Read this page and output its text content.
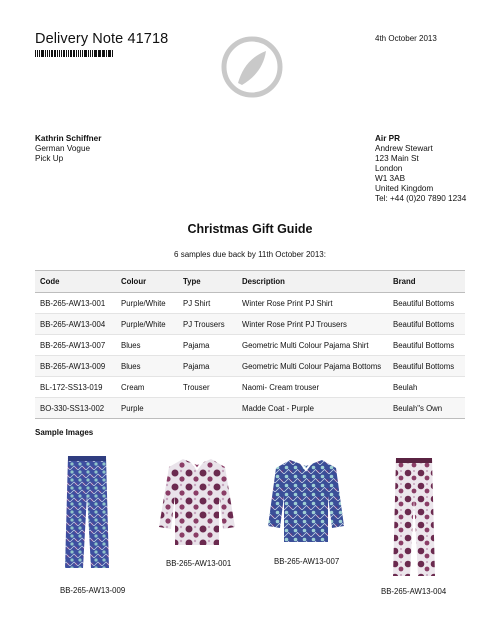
Delivery Note 41718	4th October 2013
Kathrin Schiffner
German Vogue
Pick Up
Air PR
Andrew Stewart
123 Main St
London
W1 3AB
United Kingdom
Tel: +44 (0)20 7890 1234
Christmas Gift Guide
6 samples due back by 11th October 2013:
Code	Colour	Type	Description	Brand
BB-265-AW13-001	Purple/White	PJ Shirt	Winter Rose Print PJ Shirt	Beautiful Bottoms
BB-265-AW13-004	Purple/White	PJ Trousers	Winter Rose Print PJ Trousers	Beautiful Bottoms
BB-265-AW13-007	Blues	Pajama	Geometric Multi Colour Pajama Shirt	Beautiful Bottoms
BB-265-AW13-009	Blues	Pajama	Geometric Multi Colour Pajama Bottoms	Beautiful Bottoms
BL-172-SS13-019	Cream	Trouser	Naomi- Cream trouser	Beulah
BO-330-SS13-002	Purple		Madde Coat - Purple	Beulah"s Own
Sample Images
BB-265-AW13-009
BB-265-AW13-001	BB-265-AW13-007
BB-265-AW13-004
